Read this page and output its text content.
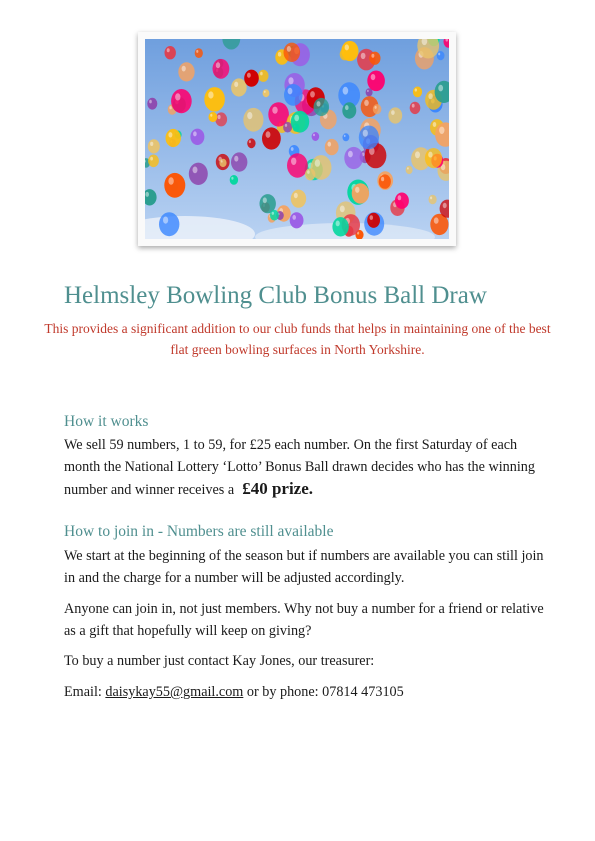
Helmsley Bowling Club Bonus Ball Draw
This provides a significant addition to our club funds that helps in maintaining one of the best flat green bowling surfaces in North Yorkshire.
How it works
We sell 59 numbers, 1 to 59, for £25 each number. On the first Saturday of each month the National Lottery ‘Lotto’ Bonus Ball drawn decides who has the winning number and winner receives a £40 prize.
How to join in - Numbers are still available
We start at the beginning of the season but if numbers are available you can still join in and the charge for a number will be adjusted accordingly.
Anyone can join in, not just members. Why not buy a number for a friend or relative as a gift that hopefully will keep on giving?
To buy a number just contact Kay Jones, our treasurer:
Email: daisykay55@gmail.com or by phone: 07814 473105
